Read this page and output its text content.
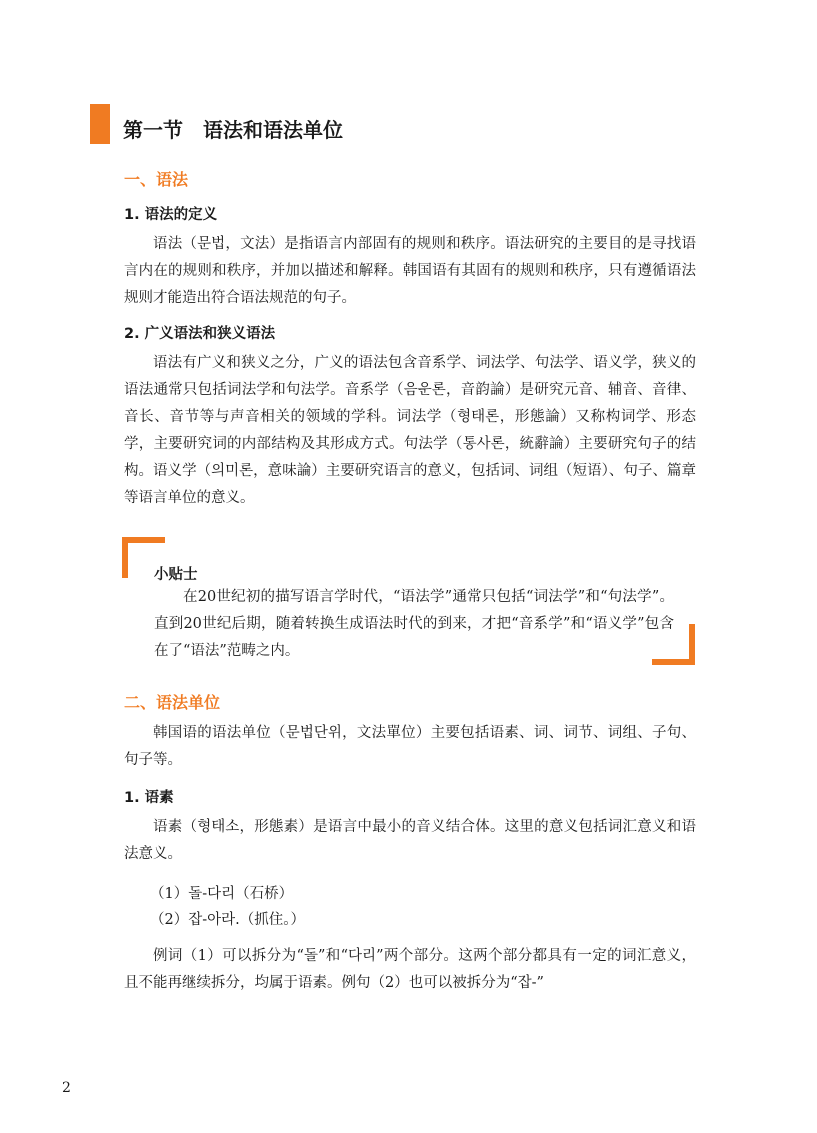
第一节　语法和语法单位
一、语法
1. 语法的定义

语法（문법，文法）是指语言内部固有的规则和秩序。语法研究的主要目的是寻找语言内在的规则和秩序，并加以描述和解释。韩国语有其固有的规则和秩序，只有遵循语法规则才能造出符合语法规范的句子。

2. 广义语法和狭义语法

语法有广义和狭义之分，广义的语法包含音系学、词法学、句法学、语义学，狭义的语法通常只包括词法学和句法学。音系学（음운론，音韵論）是研究元音、辅音、音律、音长、音节等与声音相关的领域的学科。词法学（형태론，形態論）又称构词学、形态学，主要研究词的内部结构及其形成方式。句法学（통사론，統辭論）主要研究句子的结构。语义学（의미론，意味論）主要研究语言的意义，包括词、词组（短语）、句子、篇章等语言单位的意义。

小贴士

在20世纪初的描写语言学时代，“语法学”通常只包括“词法学”和“句法学”。直到20世纪后期，随着转换生成语法时代的到来，才把“音系学”和“语义学”包含在了“语法”范畴之内。

二、语法单位

韩国语的语法单位（문법단위，文法單位）主要包括语素、词、词节、词组、子句、句子等。

1. 语素

语素（형태소，形態素）是语言中最小的音义结合体。这里的意义包括词汇意义和语法意义。

（1）돌-다리（石桥）
（2）잡-아라.（抓住。）

例词（1）可以拆分为“돌”和“다리”两个部分。这两个部分都具有一定的词汇意义，且不能再继续拆分，均属于语素。例句（2）也可以被拆分为“잡-”

2
